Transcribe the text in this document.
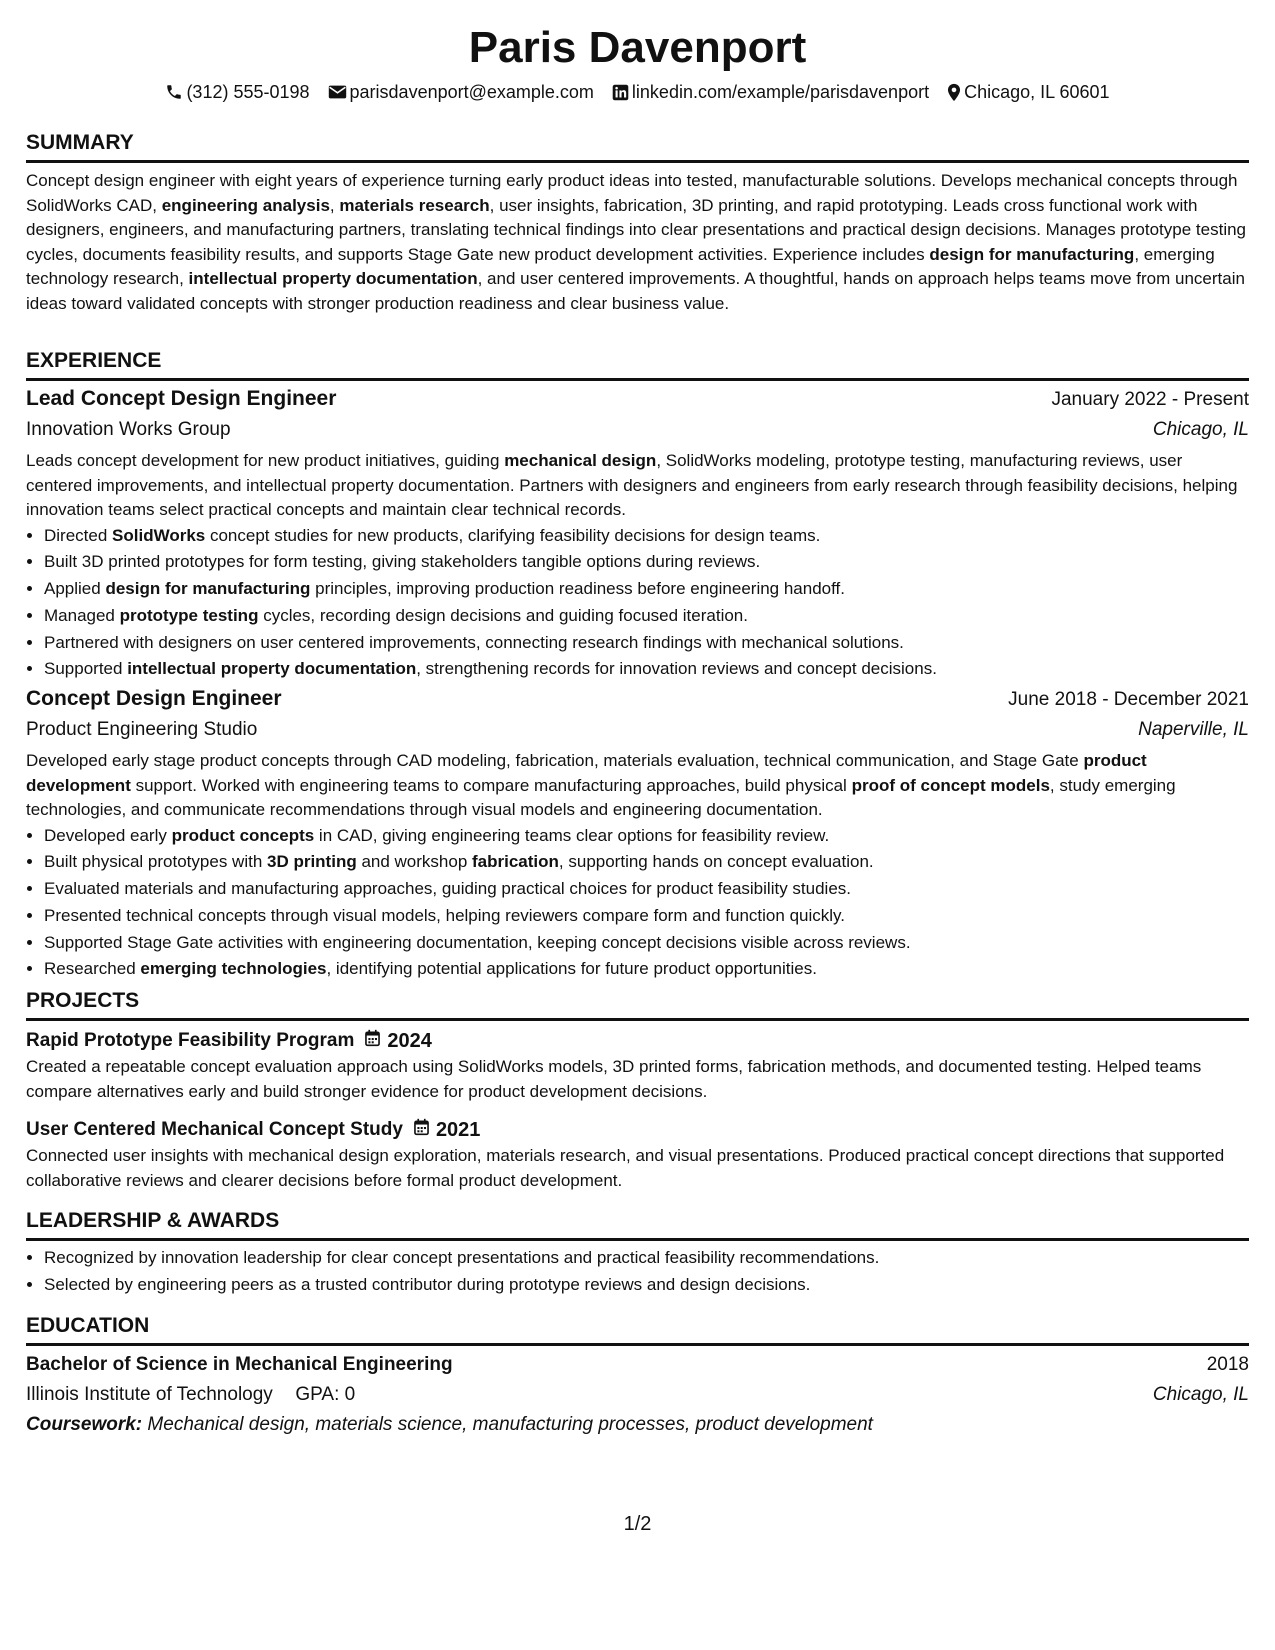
Paris Davenport
(312) 555-0198 parisdavenport@example.com linkedin.com/example/parisdavenport Chicago, IL 60601
SUMMARY

Concept design engineer with eight years of experience turning early product ideas into tested, manufacturable solutions. Develops mechanical concepts through SolidWorks CAD, engineering analysis, materials research, user insights, fabrication, 3D printing, and rapid prototyping. Leads cross functional work with designers, engineers, and manufacturing partners, translating technical findings into clear presentations and practical design decisions. Manages prototype testing cycles, documents feasibility results, and supports Stage Gate new product development activities. Experience includes design for manufacturing, emerging technology research, intellectual property documentation, and user centered improvements. A thoughtful, hands on approach helps teams move from uncertain ideas toward validated concepts with stronger production readiness and clear business value.

EXPERIENCE
Lead Concept Design Engineer	January 2022 - Present
Innovation Works Group	Chicago, IL

Leads concept development for new product initiatives, guiding mechanical design, SolidWorks modeling, prototype testing, manufacturing reviews, user centered improvements, and intellectual property documentation. Partners with designers and engineers from early research through feasibility decisions, helping innovation teams select practical concepts and maintain clear technical records.

• Directed SolidWorks concept studies for new products, clarifying feasibility decisions for design teams.
• Built 3D printed prototypes for form testing, giving stakeholders tangible options during reviews.
• Applied design for manufacturing principles, improving production readiness before engineering handoff.
• Managed prototype testing cycles, recording design decisions and guiding focused iteration.
• Partnered with designers on user centered improvements, connecting research findings with mechanical solutions.
• Supported intellectual property documentation, strengthening records for innovation reviews and concept decisions.
Concept Design Engineer	June 2018 - December 2021
Product Engineering Studio	Naperville, IL

Developed early stage product concepts through CAD modeling, fabrication, materials evaluation, technical communication, and Stage Gate product development support. Worked with engineering teams to compare manufacturing approaches, build physical proof of concept models, study emerging technologies, and communicate recommendations through visual models and engineering documentation.

• Developed early product concepts in CAD, giving engineering teams clear options for feasibility review.
• Built physical prototypes with 3D printing and workshop fabrication, supporting hands on concept evaluation.
• Evaluated materials and manufacturing approaches, guiding practical choices for product feasibility studies.
• Presented technical concepts through visual models, helping reviewers compare form and function quickly.
• Supported Stage Gate activities with engineering documentation, keeping concept decisions visible across reviews.
• Researched emerging technologies, identifying potential applications for future product opportunities.
PROJECTS
Rapid Prototype Feasibility Program 2024

Created a repeatable concept evaluation approach using SolidWorks models, 3D printed forms, fabrication methods, and documented testing. Helped teams compare alternatives early and build stronger evidence for product development decisions.

User Centered Mechanical Concept Study 2021

Connected user insights with mechanical design exploration, materials research, and visual presentations. Produced practical concept directions that supported collaborative reviews and clearer decisions before formal product development.

LEADERSHIP & AWARDS
• Recognized by innovation leadership for clear concept presentations and practical feasibility recommendations.
• Selected by engineering peers as a trusted contributor during prototype reviews and design decisions.
EDUCATION
Bachelor of Science in Mechanical Engineering	2018
Illinois Institute of Technology GPA: 0	Chicago, IL
Coursework: Mechanical design, materials science, manufacturing processes, product development
1/2
